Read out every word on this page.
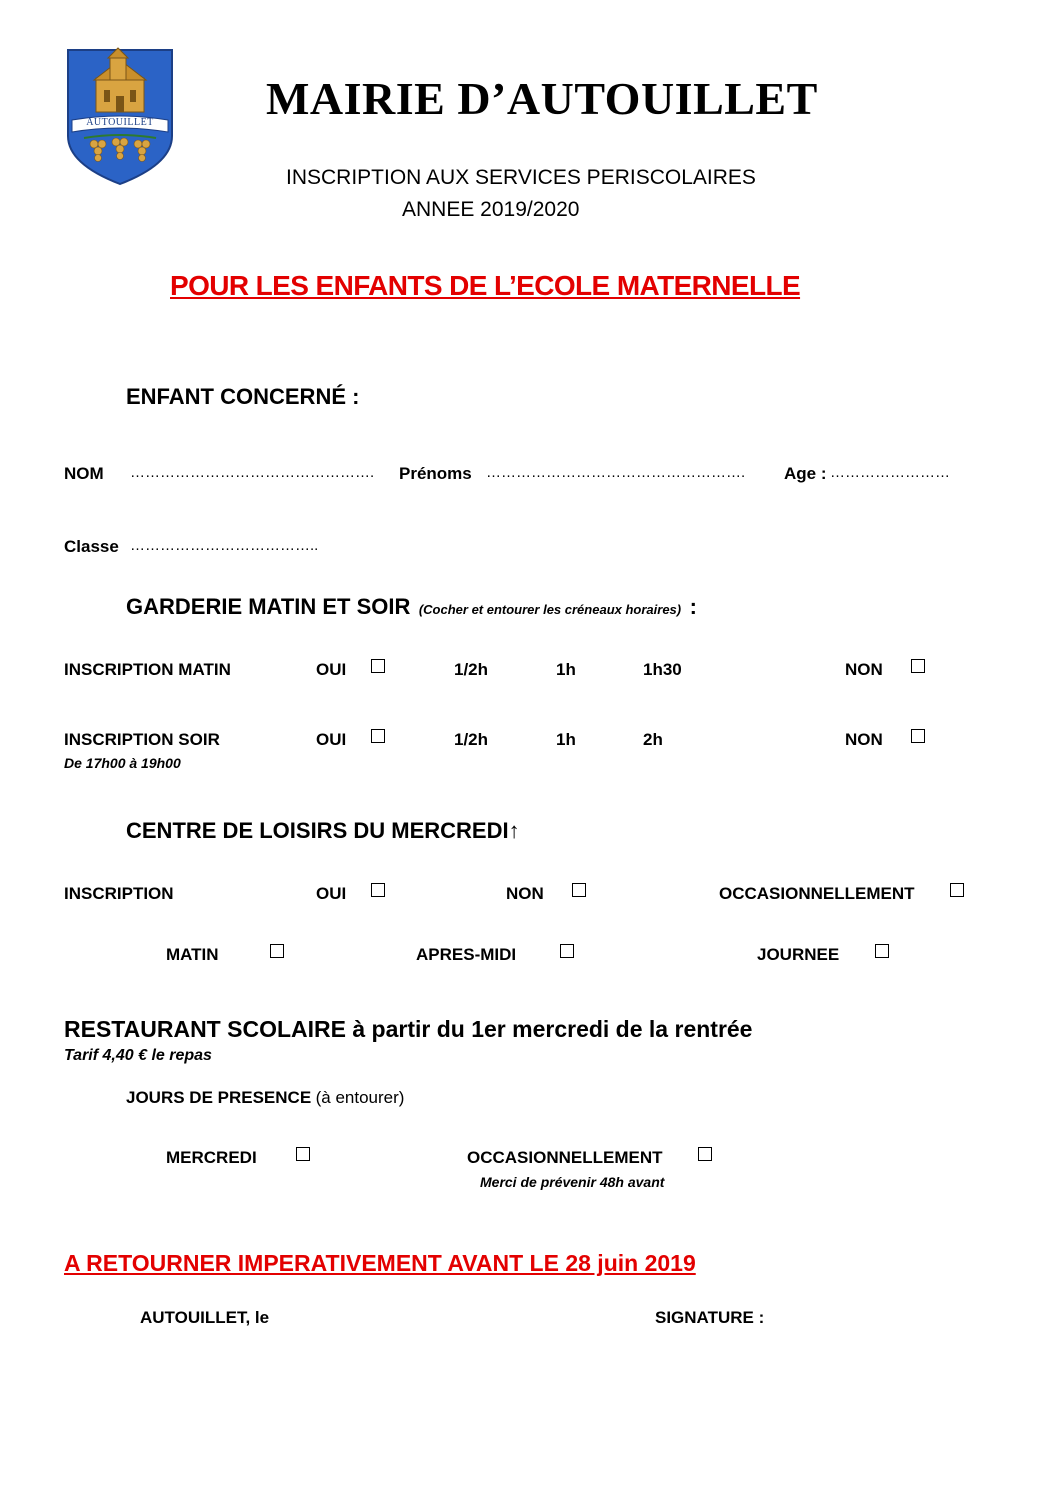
AUTOUILLET MAIRIE D’AUTOUILLET
INSCRIPTION AUX SERVICES PERISCOLAIRES
ANNEE 2019/2020
POUR LES ENFANTS DE L’ECOLE MATERNELLE
ENFANT CONCERNÉ :
NOM …………………………………………. Prénoms ……………………………………………. Age : ……………………
Classe ………………………………..
GARDERIE MATIN ET SOIR (Cocher et entourer les créneaux horaires) :
INSCRIPTION MATIN	OUI	1/2h	1h	1h30	NON
INSCRIPTION SOIR
De 17h00 à 19h00
OUI	1/2h	1h	2h	NON
CENTRE DE LOISIRS DU MERCREDI↑
INSCRIPTION	OUI	NON	OCCASIONNELLEMENT
MATIN	APRES-MIDI	JOURNEE
RESTAURANT SCOLAIRE à partir du 1er mercredi de la rentrée
Tarif 4,40 € le repas
JOURS DE PRESENCE (à entourer)
MERCREDI	OCCASIONNELLEMENT
Merci de prévenir 48h avant
A RETOURNER IMPERATIVEMENT AVANT LE 28 juin 2019
AUTOUILLET, le	SIGNATURE :
